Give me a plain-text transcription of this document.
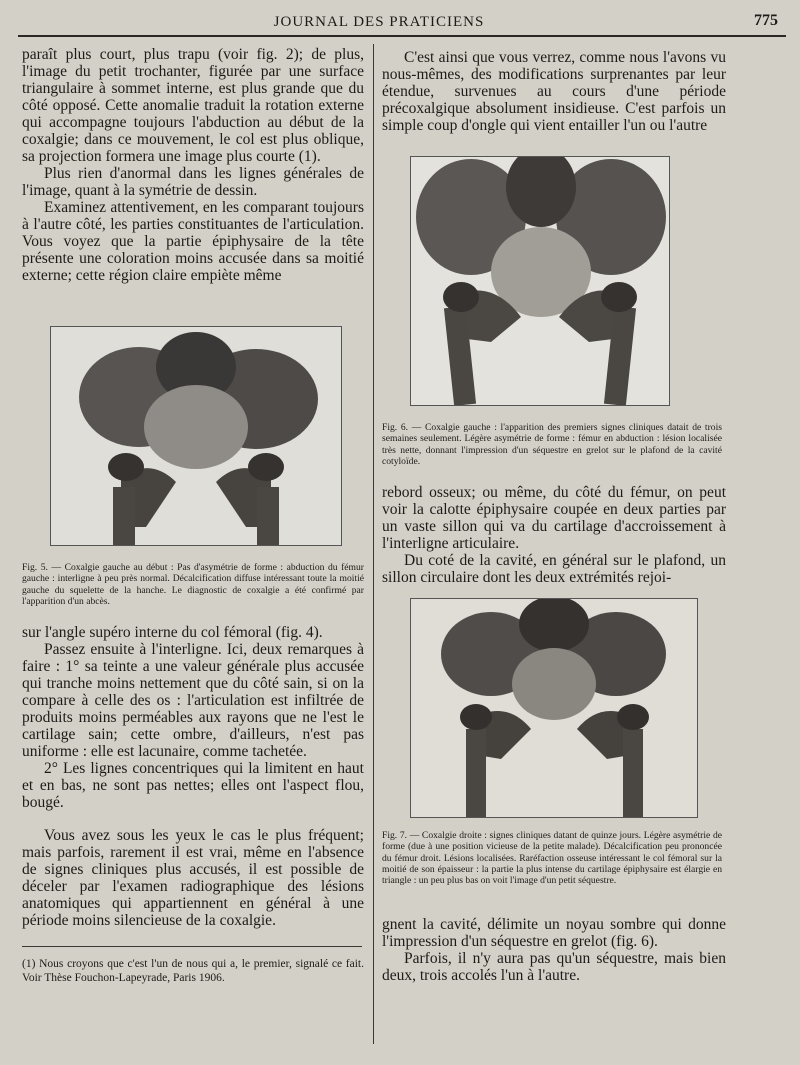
JOURNAL DES PRATICIENS	775

paraît plus court, plus trapu (voir fig. 2); de plus, l'image du petit trochanter, figurée par une surface triangulaire à sommet interne, est plus grande que du côté opposé. Cette anomalie traduit la rotation externe qui accompagne toujours l'abduction au début de la coxalgie; dans ce mouvement, le col est plus oblique, sa projection formera une image plus courte (1).

Plus rien d'anormal dans les lignes générales de l'image, quant à la symétrie de dessin.

Examinez attentivement, en les comparant toujours à l'autre côté, les parties constituantes de l'articulation. Vous voyez que la partie épiphysaire de la tête présente une coloration moins accusée dans sa moitié externe; cette région claire empiète même

Fig. 5. — Coxalgie gauche au début : Pas d'asymétrie de forme : abduction du fémur gauche : interligne à peu près normal. Décalcification diffuse intéressant toute la moitié gauche du squelette de la hanche. Le diagnostic de coxalgie a été confirmé par l'apparition d'un abcès.

sur l'angle supéro interne du col fémoral (fig. 4).

Passez ensuite à l'interligne. Ici, deux remarques à faire : 1° sa teinte a une valeur générale plus accusée qui tranche moins nettement que du côté sain, si on la compare à celle des os : l'articulation est infiltrée de produits moins perméables aux rayons que ne l'est le cartilage sain; cette ombre, d'ailleurs, n'est pas uniforme : elle est lacunaire, comme tachetée.

2° Les lignes concentriques qui la limitent en haut et en bas, ne sont pas nettes; elles ont l'aspect flou, bougé.

Vous avez sous les yeux le cas le plus fréquent; mais parfois, rarement il est vrai, même en l'absence de signes cliniques plus accusés, il est possible de déceler par l'examen radiographique des lésions anatomiques qui appartiennent en général à une période moins silencieuse de la coxalgie.

(1) Nous croyons que c'est l'un de nous qui a, le premier, signalé ce fait. Voir Thèse Fouchon-Lapeyrade, Paris 1906.

C'est ainsi que vous verrez, comme nous l'avons vu nous-mêmes, des modifications surprenantes par leur étendue, survenues au cours d'une période précoxalgique absolument insidieuse. C'est parfois un simple coup d'ongle qui vient entailler l'un ou l'autre

Fig. 6. — Coxalgie gauche : l'apparition des premiers signes cliniques datait de trois semaines seulement. Légère asymétrie de forme : fémur en abduction : lésion localisée très nette, donnant l'impression d'un séquestre en grelot sur le plafond de la cavité cotyloïde.

rebord osseux; ou même, du côté du fémur, on peut voir la calotte épiphysaire coupée en deux parties par un vaste sillon qui va du cartilage d'accroissement à l'interligne articulaire.

Du coté de la cavité, en général sur le plafond, un sillon circulaire dont les deux extrémités rejoi-

Fig. 7. — Coxalgie droite : signes cliniques datant de quinze jours. Légère asymétrie de forme (due à une position vicieuse de la petite malade). Décalcification peu prononcée du fémur droit. Lésions localisées. Raréfaction osseuse intéressant le col fémoral sur la moitié de son épaisseur : la partie la plus intense du cartilage épiphysaire est élargie en triangle : un peu plus bas on voit l'image d'un petit séquestre.

gnent la cavité, délimite un noyau sombre qui donne l'impression d'un séquestre en grelot (fig. 6).

Parfois, il n'y aura pas qu'un séquestre, mais bien deux, trois accolés l'un à l'autre.
